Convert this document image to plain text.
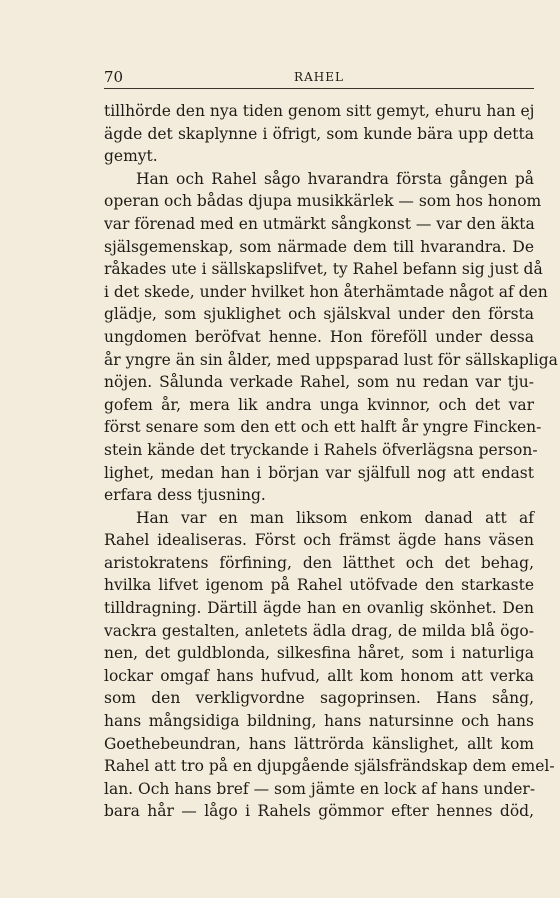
70	RAHEL
tillhörde den nya tiden genom sitt gemyt, ehuru han ej
ägde det skaplynne i öfrigt, som kunde bära upp detta
gemyt.
Han och Rahel sågo hvarandra första gången på
operan och bådas djupa musikkärlek — som hos honom
var förenad med en utmärkt sångkonst — var den äkta
själsgemenskap, som närmade dem till hvarandra. De
råkades ute i sällskapslifvet, ty Rahel befann sig just då
i det skede, under hvilket hon återhämtade något af den
glädje, som sjuklighet och själskval under den första
ungdomen beröfvat henne. Hon föreföll under dessa
år yngre än sin ålder, med uppsparad lust för sällskapliga
nöjen. Sålunda verkade Rahel, som nu redan var tju-
gofem år, mera lik andra unga kvinnor, och det var
först senare som den ett och ett halft år yngre Fincken-
stein kände det tryckande i Rahels öfverlägsna person-
lighet, medan han i början var själfull nog att endast
erfara dess tjusning.
Han var en man liksom enkom danad att af
Rahel idealiseras. Först och främst ägde hans väsen
aristokratens förfining, den lätthet och det behag,
hvilka lifvet igenom på Rahel utöfvade den starkaste
tilldragning. Därtill ägde han en ovanlig skönhet. Den
vackra gestalten, anletets ädla drag, de milda blå ögo-
nen, det guldblonda, silkesfina håret, som i naturliga
lockar omgaf hans hufvud, allt kom honom att verka
som den verkligvordne sagoprinsen. Hans sång,
hans mångsidiga bildning, hans natursinne och hans
Goethebeundran, hans lättrörda känslighet, allt kom
Rahel att tro på en djupgående själsfrändskap dem emel-
lan. Och hans bref — som jämte en lock af hans under-
bara hår — lågo i Rahels gömmor efter hennes död,
